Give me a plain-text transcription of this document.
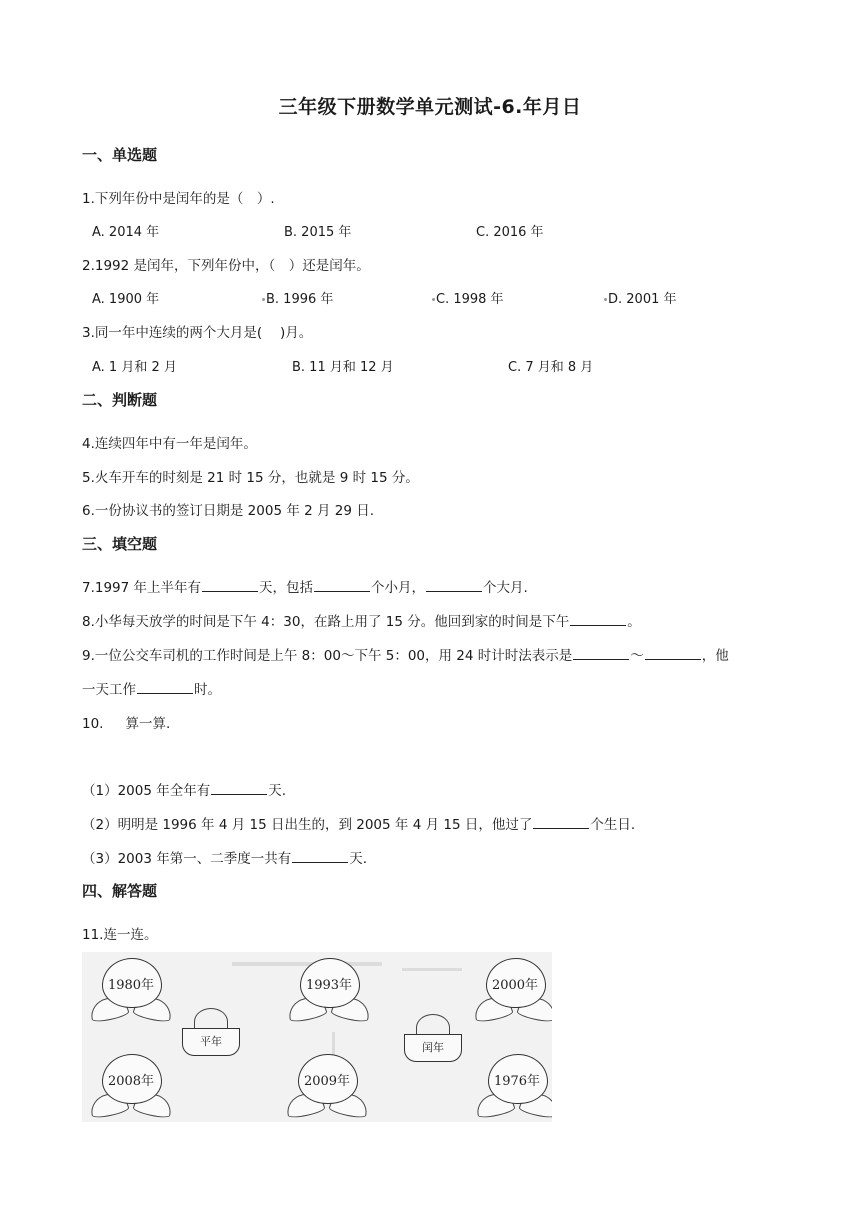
三年级下册数学单元测试-6.年月日
一、单选题
1.下列年份中是闰年的是（　）.
A. 2014 年	B. 2015 年	C. 2016 年
2.1992 是闰年，下列年份中，（　）还是闰年。
A. 1900 年	B. 1996 年	C. 1998 年	D. 2001 年
3.同一年中连续的两个大月是(　 )月。
A. 1 月和 2 月	B. 11 月和 12 月	C. 7 月和 8 月
二、判断题
4.连续四年中有一年是闰年。
5.火车开车的时刻是 21 时 15 分，也就是 9 时 15 分。
6.一份协议书的签订日期是 2005 年 2 月 29 日.
三、填空题
7.1997 年上半年有	天，包括	个小月，	个大月.
8.小华每天放学的时间是下午 4：30，在路上用了 15 分。他回到家的时间是下午	。
9.一位公交车司机的工作时间是上午 8：00～下午 5：00，用 24 时计时法表示是	～	，他
一天工作	时。
10. 算一算.
（1）2005 年全年有	天.
（2）明明是 1996 年 4 月 15 日出生的，到 2005 年 4 月 15 日，他过了	个生日.
（3）2003 年第一、二季度一共有	天.
四、解答题
11.连一连。
1980年	1993年	2000年
平年	闰年
2008年	2009年	1976年
